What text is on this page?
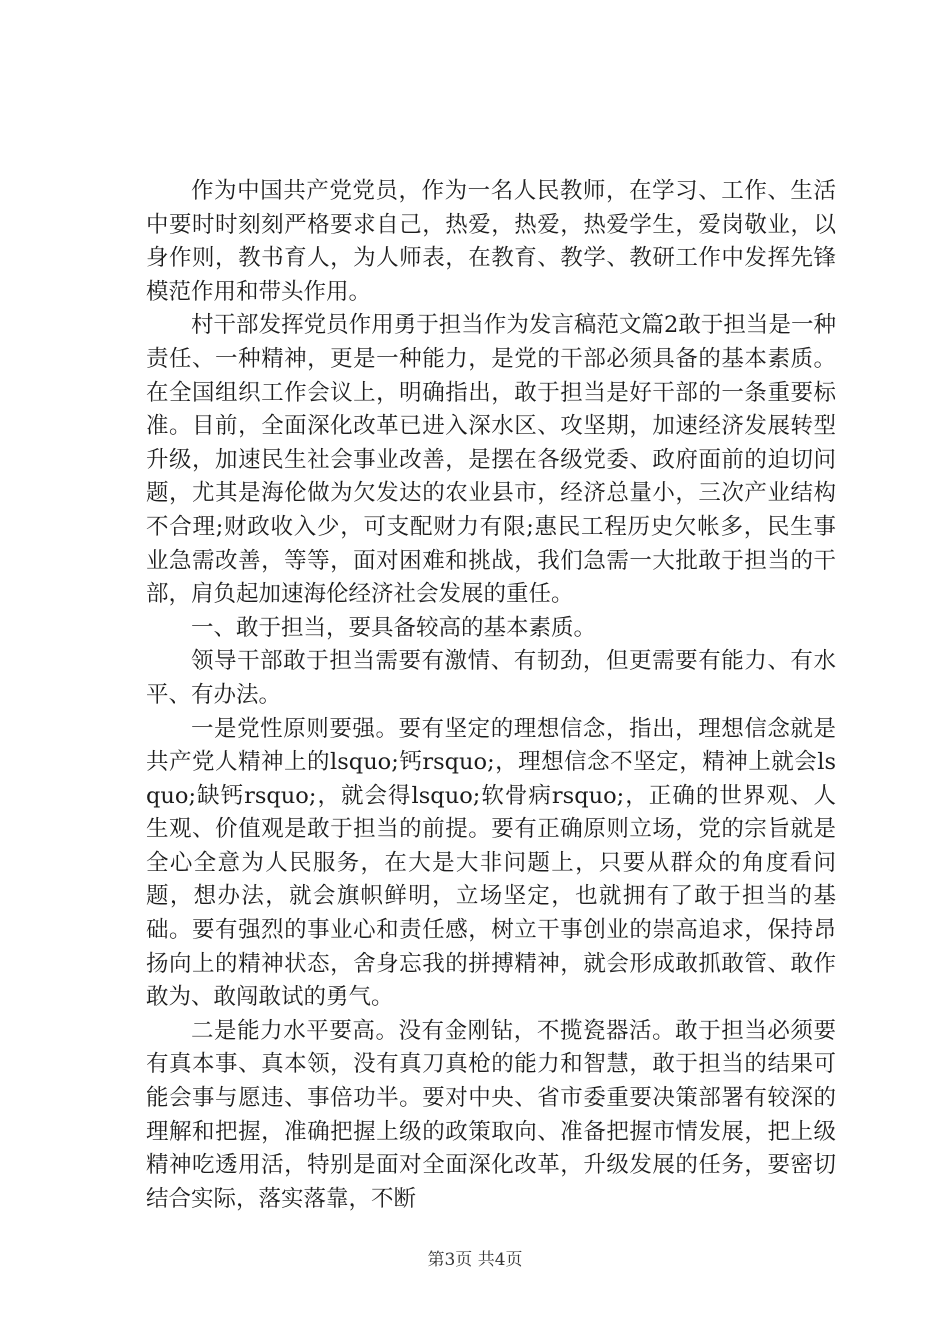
作为中国共产党党员，作为一名人民教师，在学习、工作、生活中要时时刻刻严格要求自己，热爱，热爱，热爱学生，爱岗敬业，以身作则，教书育人，为人师表，在教育、教学、教研工作中发挥先锋模范作用和带头作用。

村干部发挥党员作用勇于担当作为发言稿范文篇2敢于担当是一种责任、一种精神，更是一种能力，是党的干部必须具备的基本素质。在全国组织工作会议上，明确指出，敢于担当是好干部的一条重要标准。目前，全面深化改革已进入深水区、攻坚期，加速经济发展转型升级，加速民生社会事业改善，是摆在各级党委、政府面前的迫切问题，尤其是海伦做为欠发达的农业县市，经济总量小，三次产业结构不合理;财政收入少，可支配财力有限;惠民工程历史欠帐多，民生事业急需改善，等等，面对困难和挑战，我们急需一大批敢于担当的干部，肩负起加速海伦经济社会发展的重任。

一、敢于担当，要具备较高的基本素质。

领导干部敢于担当需要有激情、有韧劲，但更需要有能力、有水平、有办法。

一是党性原则要强。要有坚定的理想信念，指出，理想信念就是共产党人精神上的lsquo;钙rsquo;，理想信念不坚定，精神上就会lsquo;缺钙rsquo;，就会得lsquo;软骨病rsquo;，正确的世界观、人生观、价值观是敢于担当的前提。要有正确原则立场，党的宗旨就是全心全意为人民服务，在大是大非问题上，只要从群众的角度看问题，想办法，就会旗帜鲜明，立场坚定，也就拥有了敢于担当的基础。要有强烈的事业心和责任感，树立干事创业的崇高追求，保持昂扬向上的精神状态，舍身忘我的拼搏精神，就会形成敢抓敢管、敢作敢为、敢闯敢试的勇气。

二是能力水平要高。没有金刚钻，不揽瓷器活。敢于担当必须要有真本事、真本领，没有真刀真枪的能力和智慧，敢于担当的结果可能会事与愿违、事倍功半。要对中央、省市委重要决策部署有较深的理解和把握，准确把握上级的政策取向、准备把握市情发展，把上级精神吃透用活，特别是面对全面深化改革，升级发展的任务，要密切结合实际，落实落靠，不断

第3页 共4页
